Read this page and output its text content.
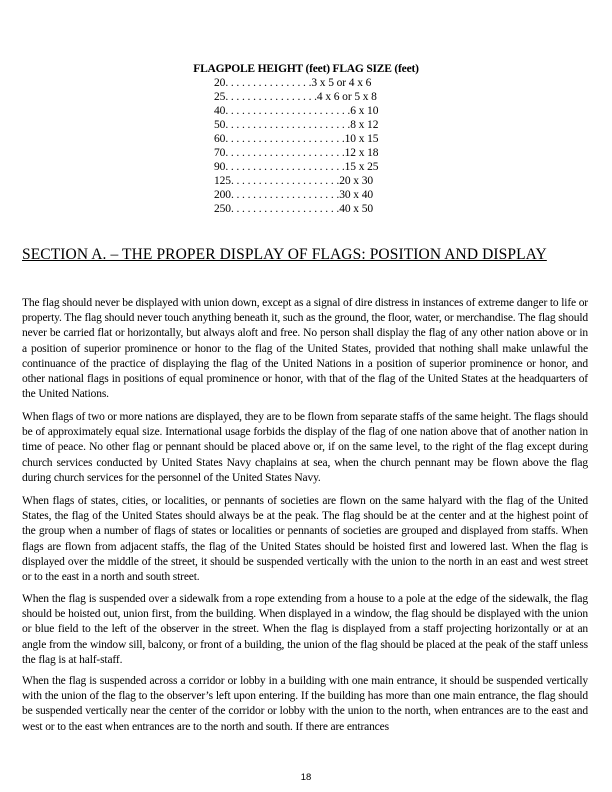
FLAGPOLE HEIGHT (feet) FLAG SIZE (feet)
20. . . . . . . . . . . . . . . .3 x 5 or 4 x 6
25. . . . . . . . . . . . . . . . .4 x 6 or 5 x 8
40. . . . . . . . . . . . . . . . . . . . . . .6 x 10
50. . . . . . . . . . . . . . . . . . . . . . .8 x 12
60. . . . . . . . . . . . . . . . . . . . . .10 x 15
70. . . . . . . . . . . . . . . . . . . . . .12 x 18
90. . . . . . . . . . . . . . . . . . . . . .15 x 25
125. . . . . . . . . . . . . . . . . . . .20 x 30
200. . . . . . . . . . . . . . . . . . . .30 x 40
250. . . . . . . . . . . . . . . . . . . .40 x 50
SECTION A. – THE PROPER DISPLAY OF FLAGS: POSITION AND DISPLAY

The flag should never be displayed with union down, except as a signal of dire distress in instances of extreme danger to life or property. The flag should never touch anything beneath it, such as the ground, the floor, water, or merchandise. The flag should never be carried flat or horizontally, but always aloft and free. No person shall display the flag of any other nation above or in a position of superior prominence or honor to the flag of the United States, provided that nothing shall make unlawful the continuance of the practice of displaying the flag of the United Nations in a position of superior prominence or honor, and other national flags in positions of equal prominence or honor, with that of the flag of the United States at the headquarters of the United Nations.

When flags of two or more nations are displayed, they are to be flown from separate staffs of the same height. The flags should be of approximately equal size. International usage forbids the display of the flag of one nation above that of another nation in time of peace. No other flag or pennant should be placed above or, if on the same level, to the right of the flag except during church services conducted by United States Navy chaplains at sea, when the church pennant may be flown above the flag during church services for the personnel of the United States Navy.

When flags of states, cities, or localities, or pennants of societies are flown on the same halyard with the flag of the United States, the flag of the United States should always be at the peak. The flag should be at the center and at the highest point of the group when a number of flags of states or localities or pennants of societies are grouped and displayed from staffs. When flags are flown from adjacent staffs, the flag of the United States should be hoisted first and lowered last. When the flag is displayed over the middle of the street, it should be suspended vertically with the union to the north in an east and west street or to the east in a north and south street.

When the flag is suspended over a sidewalk from a rope extending from a house to a pole at the edge of the sidewalk, the flag should be hoisted out, union first, from the building. When displayed in a window, the flag should be displayed with the union or blue field to the left of the observer in the street. When the flag is displayed from a staff projecting horizontally or at an angle from the window sill, balcony, or front of a building, the union of the flag should be placed at the peak of the staff unless the flag is at half-staff.

When the flag is suspended across a corridor or lobby in a building with one main entrance, it should be suspended vertically with the union of the flag to the observer’s left upon entering. If the building has more than one main entrance, the flag should be suspended vertically near the center of the corridor or lobby with the union to the north, when entrances are to the east and west or to the east when entrances are to the north and south. If there are entrances

18
